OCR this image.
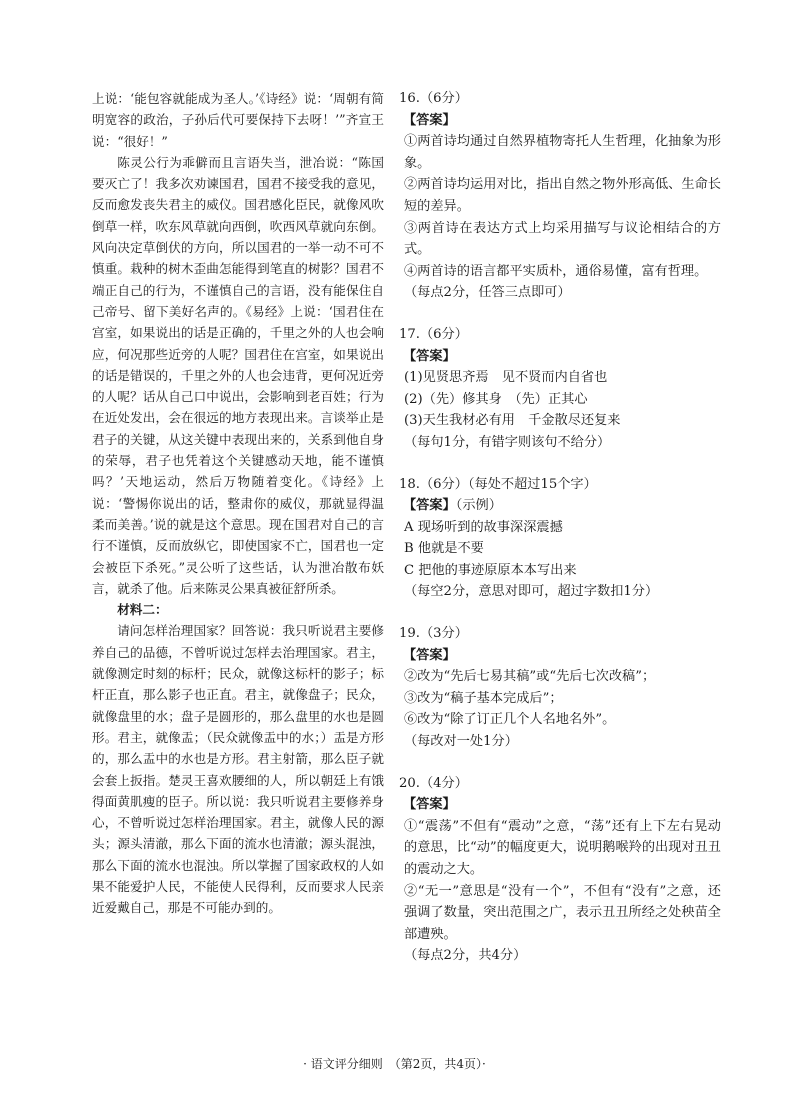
上说：‘能包容就能成为圣人。’《诗经》说：‘周朝有简明宽容的政治，子孙后代可要保持下去呀！’”齐宣王说：“很好！”

陈灵公行为乖僻而且言语失当，泄冶说：“陈国要灭亡了！我多次劝谏国君，国君不接受我的意见，反而愈发丧失君主的威仪。国君感化臣民，就像风吹倒草一样，吹东风草就向西倒，吹西风草就向东倒。风向决定草倒伏的方向，所以国君的一举一动不可不慎重。栽种的树木歪曲怎能得到笔直的树影？国君不端正自己的行为，不谨慎自己的言语，没有能保住自己帝号、留下美好名声的。《易经》上说：‘国君住在宫室，如果说出的话是正确的，千里之外的人也会响应，何况那些近旁的人呢？国君住在宫室，如果说出的话是错误的，千里之外的人也会违背，更何况近旁的人呢？话从自己口中说出，会影响到老百姓；行为在近处发出，会在很远的地方表现出来。言谈举止是君子的关键，从这关键中表现出来的，关系到他自身的荣辱，君子也凭着这个关键感动天地，能不谨慎吗？’天地运动，然后万物随着变化。《诗经》上说：‘警惕你说出的话，整肃你的威仪，那就显得温柔而美善。’说的就是这个意思。现在国君对自己的言行不谨慎，反而放纵它，即使国家不亡，国君也一定会被臣下杀死。”灵公听了这些话，认为泄冶散布妖言，就杀了他。后来陈灵公果真被征舒所杀。

材料二：

请问怎样治理国家？回答说：我只听说君主要修养自己的品德，不曾听说过怎样去治理国家。君主，就像测定时刻的标杆；民众，就像这标杆的影子；标杆正直，那么影子也正直。君主，就像盘子；民众，就像盘里的水；盘子是圆形的，那么盘里的水也是圆形。君主，就像盂；（民众就像盂中的水；）盂是方形的，那么盂中的水也是方形。君主射箭，那么臣子就会套上扳指。楚灵王喜欢腰细的人，所以朝廷上有饿得面黄肌瘦的臣子。所以说：我只听说君主要修养身心，不曾听说过怎样治理国家。君主，就像人民的源头；源头清澈，那么下面的流水也清澈；源头混浊，那么下面的流水也混浊。所以掌握了国家政权的人如果不能爱护人民，不能使人民得利，反而要求人民亲近爱戴自己，那是不可能办到的。

16.（6分）

【答案】

①两首诗均通过自然界植物寄托人生哲理，化抽象为形象。

②两首诗均运用对比，指出自然之物外形高低、生命长短的差异。

③两首诗在表达方式上均采用描写与议论相结合的方式。

④两首诗的语言都平实质朴，通俗易懂，富有哲理。

（每点2分，任答三点即可）

17.（6分）

【答案】

(1)见贤思齐焉　见不贤而内自省也

(2)（先）修其身　（先）正其心

(3)天生我材必有用　千金散尽还复来

（每句1分，有错字则该句不给分）

18.（6分）（每处不超过15个字）

【答案】（示例）

A 现场听到的故事深深震撼

B 他就是不要

C 把他的事迹原原本本写出来

（每空2分，意思对即可，超过字数扣1分）

19.（3分）

【答案】

②改为“先后七易其稿”或“先后七次改稿”；

③改为“稿子基本完成后”；

⑥改为“除了订正几个人名地名外”。

（每改对一处1分）

20.（4分）

【答案】

①“震荡”不但有“震动”之意，“荡”还有上下左右晃动的意思，比“动”的幅度更大，说明鹅喉羚的出现对丑丑的震动之大。

②“无一”意思是“没有一个”，不但有“没有”之意，还强调了数量，突出范围之广，表示丑丑所经之处秧苗全部遭殃。

（每点2分，共4分）

· 语文评分细则　（第2页，共4页）·
